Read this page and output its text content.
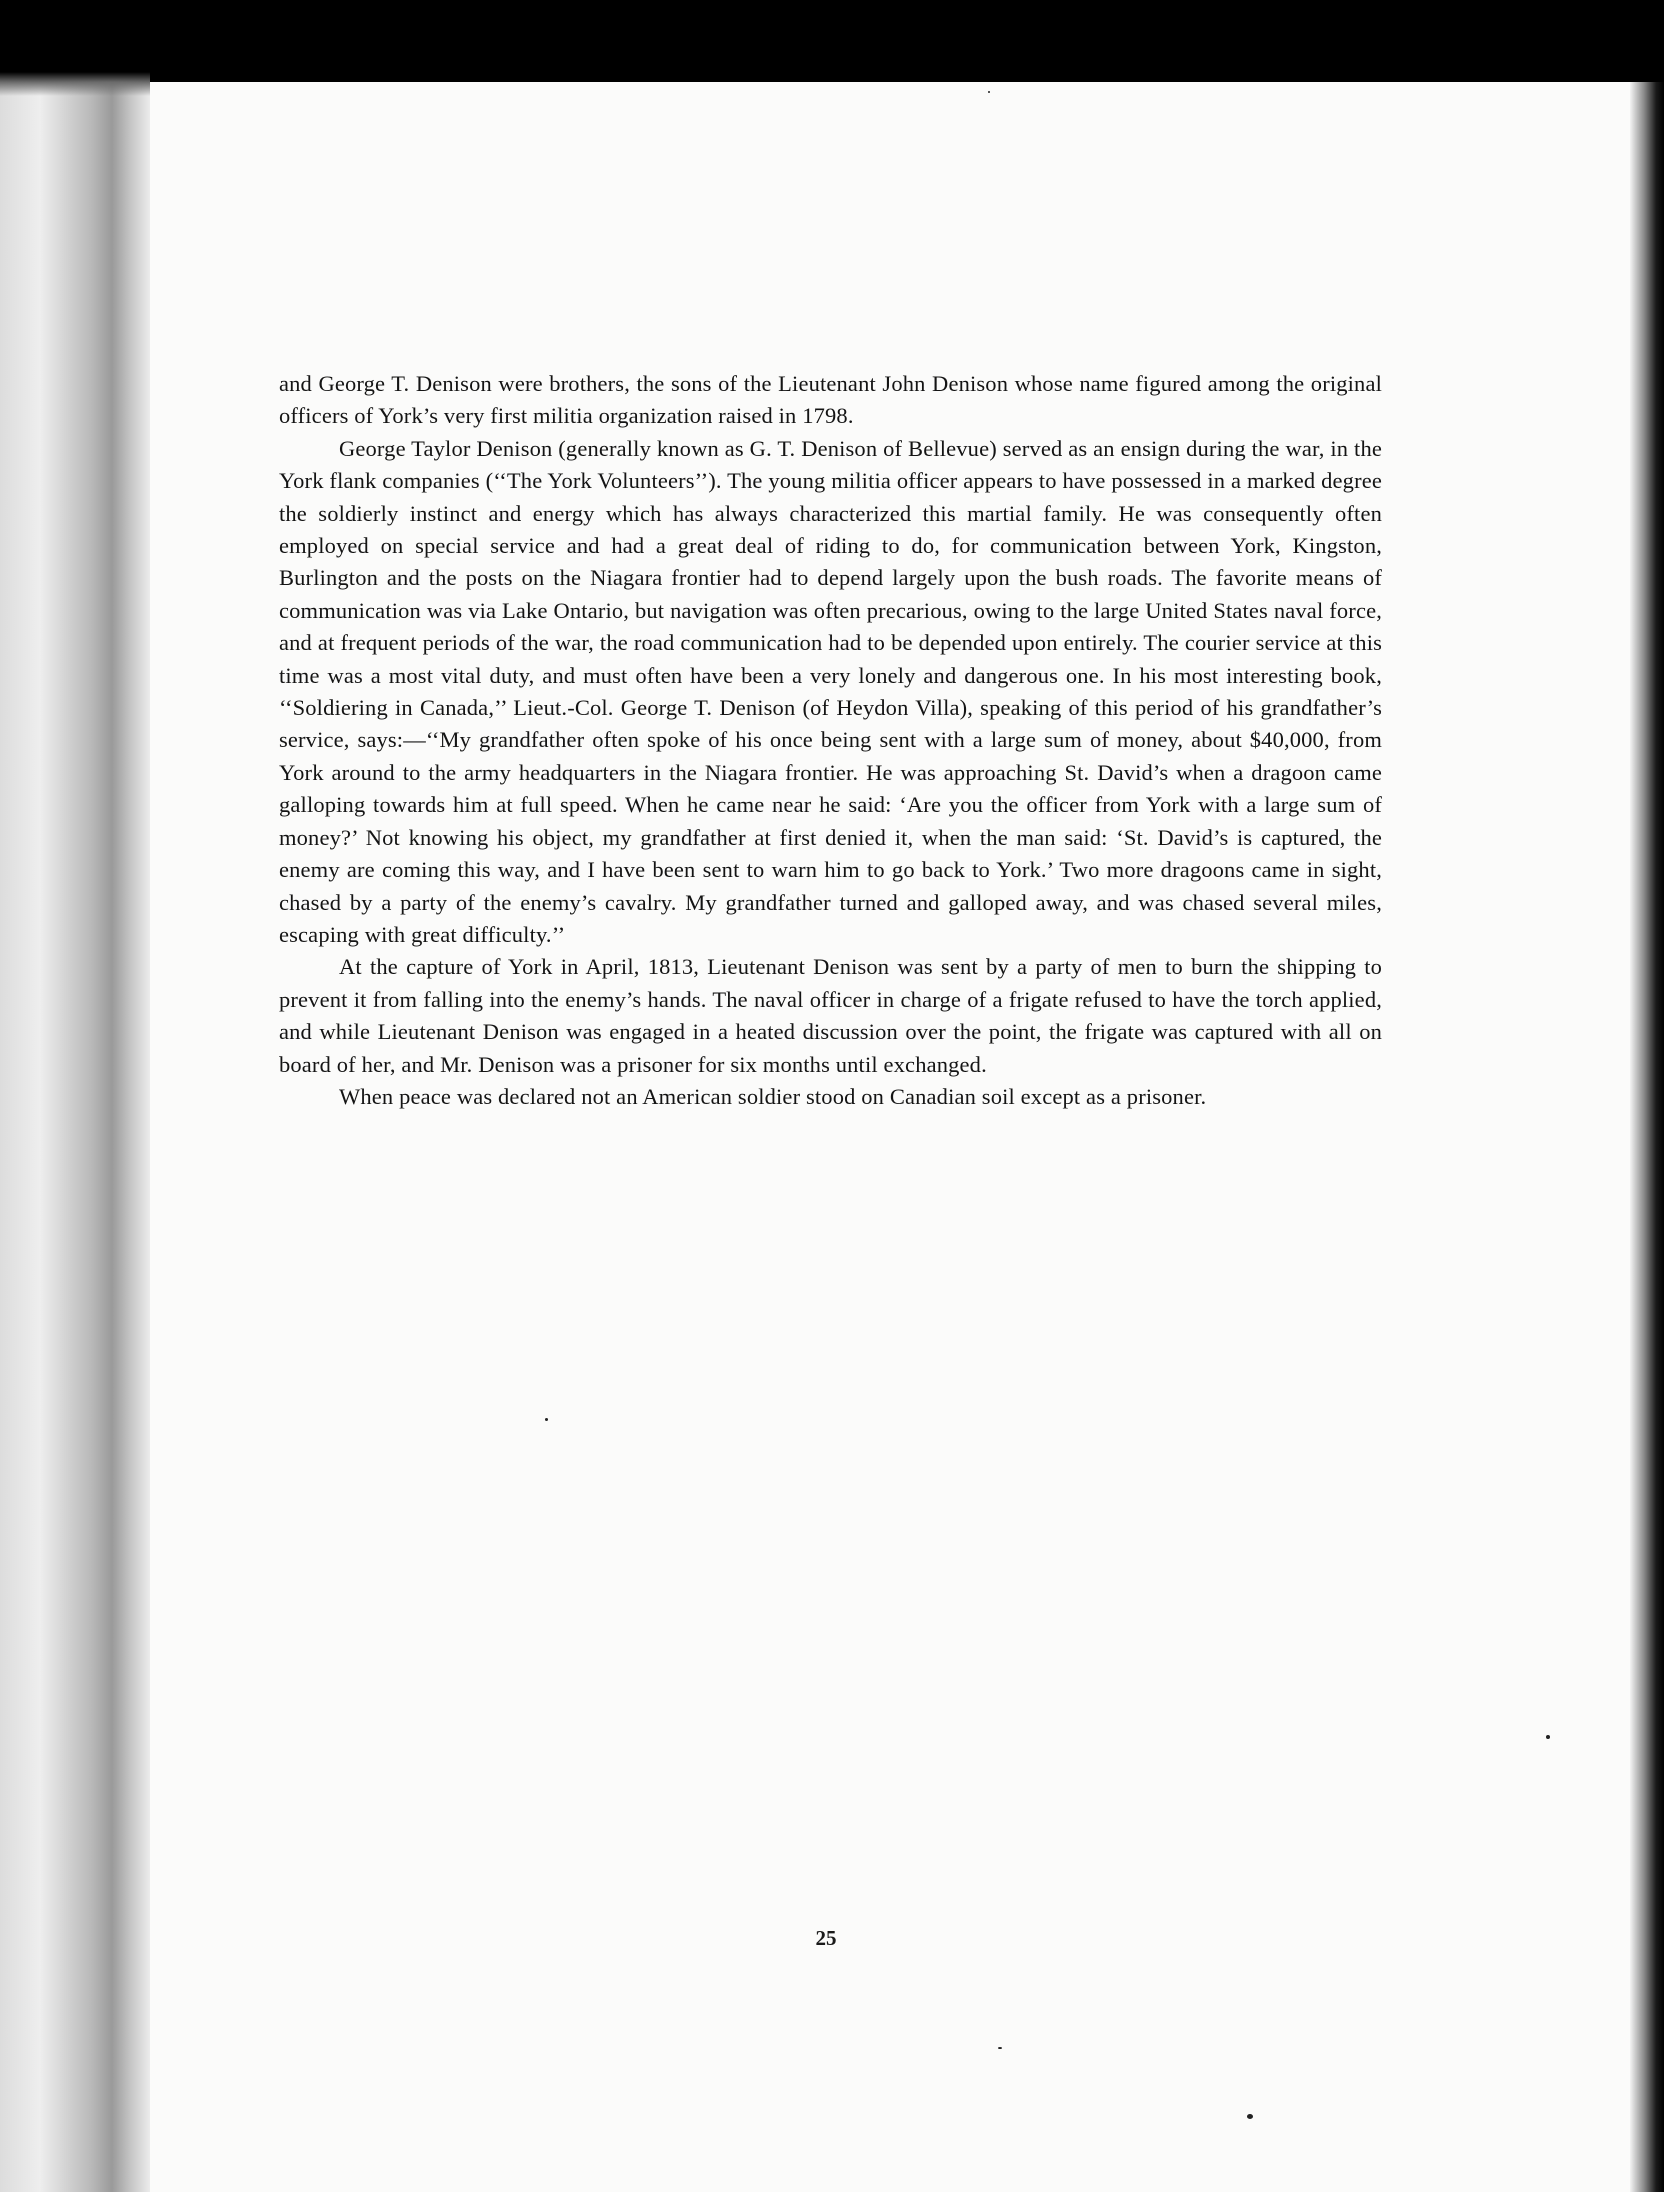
and George T. Denison were brothers, the sons of the Lieutenant John Denison whose name figured among the original officers of York’s very first militia organization raised in 1798.

George Taylor Denison (generally known as G. T. Denison of Bellevue) served as an ensign during the war, in the York flank companies (‘‘The York Volunteers’’). The young militia officer appears to have possessed in a marked degree the soldierly instinct and energy which has always characterized this martial family. He was consequently often employed on special service and had a great deal of riding to do, for communication between York, Kingston, Burlington and the posts on the Niagara frontier had to depend largely upon the bush roads. The favorite means of communication was via Lake Ontario, but navigation was often precarious, owing to the large United States naval force, and at frequent periods of the war, the road communication had to be depended upon entirely. The courier service at this time was a most vital duty, and must often have been a very lonely and dangerous one. In his most interesting book, ‘‘Soldiering in Canada,’’ Lieut.-Col. George T. Denison (of Heydon Villa), speaking of this period of his grandfather’s service, says:—‘‘My grandfather often spoke of his once being sent with a large sum of money, about $40,000, from York around to the army headquarters in the Niagara frontier. He was approaching St. David’s when a dragoon came galloping towards him at full speed. When he came near he said: ‘Are you the officer from York with a large sum of money?’ Not knowing his object, my grandfather at first denied it, when the man said: ‘St. David’s is captured, the enemy are coming this way, and I have been sent to warn him to go back to York.’ Two more dragoons came in sight, chased by a party of the enemy’s cavalry. My grandfather turned and galloped away, and was chased several miles, escaping with great difficulty.’’

At the capture of York in April, 1813, Lieutenant Denison was sent by a party of men to burn the shipping to prevent it from falling into the enemy’s hands. The naval officer in charge of a frigate refused to have the torch applied, and while Lieutenant Denison was engaged in a heated discussion over the point, the frigate was captured with all on board of her, and Mr. Denison was a prisoner for six months until exchanged.

When peace was declared not an American soldier stood on Canadian soil except as a prisoner.

25
